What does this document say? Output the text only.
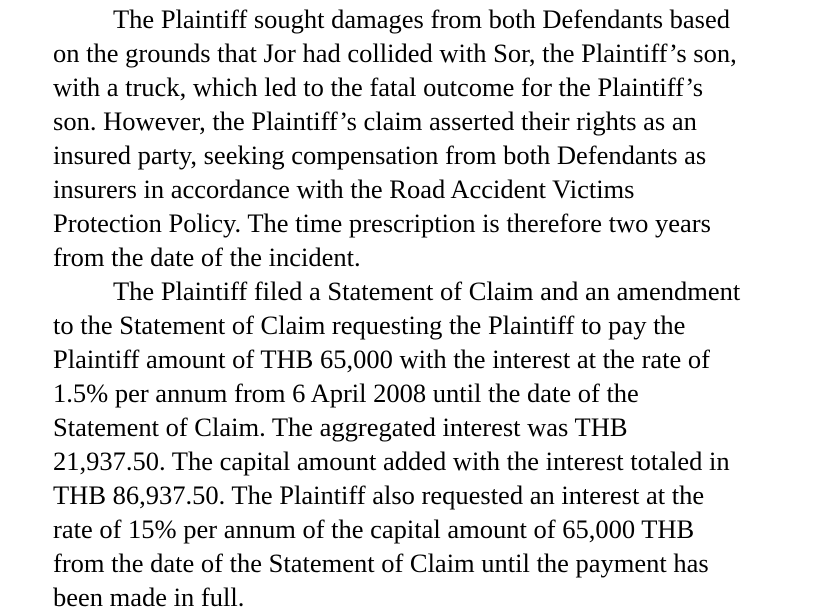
The Plaintiff sought damages from both Defendants based
on the grounds that Jor had collided with Sor, the Plaintiff’s son,
with a truck, which led to the fatal outcome for the Plaintiff’s
son. However, the Plaintiff’s claim asserted their rights as an
insured party, seeking compensation from both Defendants as
insurers in accordance with the Road Accident Victims
Protection Policy. The time prescription is therefore two years
from the date of the incident.
The Plaintiff filed a Statement of Claim and an amendment
to the Statement of Claim requesting the Plaintiff to pay the
Plaintiff amount of THB 65,000 with the interest at the rate of
1.5% per annum from 6 April 2008 until the date of the
Statement of Claim. The aggregated interest was THB
21,937.50. The capital amount added with the interest totaled in
THB 86,937.50. The Plaintiff also requested an interest at the
rate of 15% per annum of the capital amount of 65,000 THB
from the date of the Statement of Claim until the payment has
been made in full.
